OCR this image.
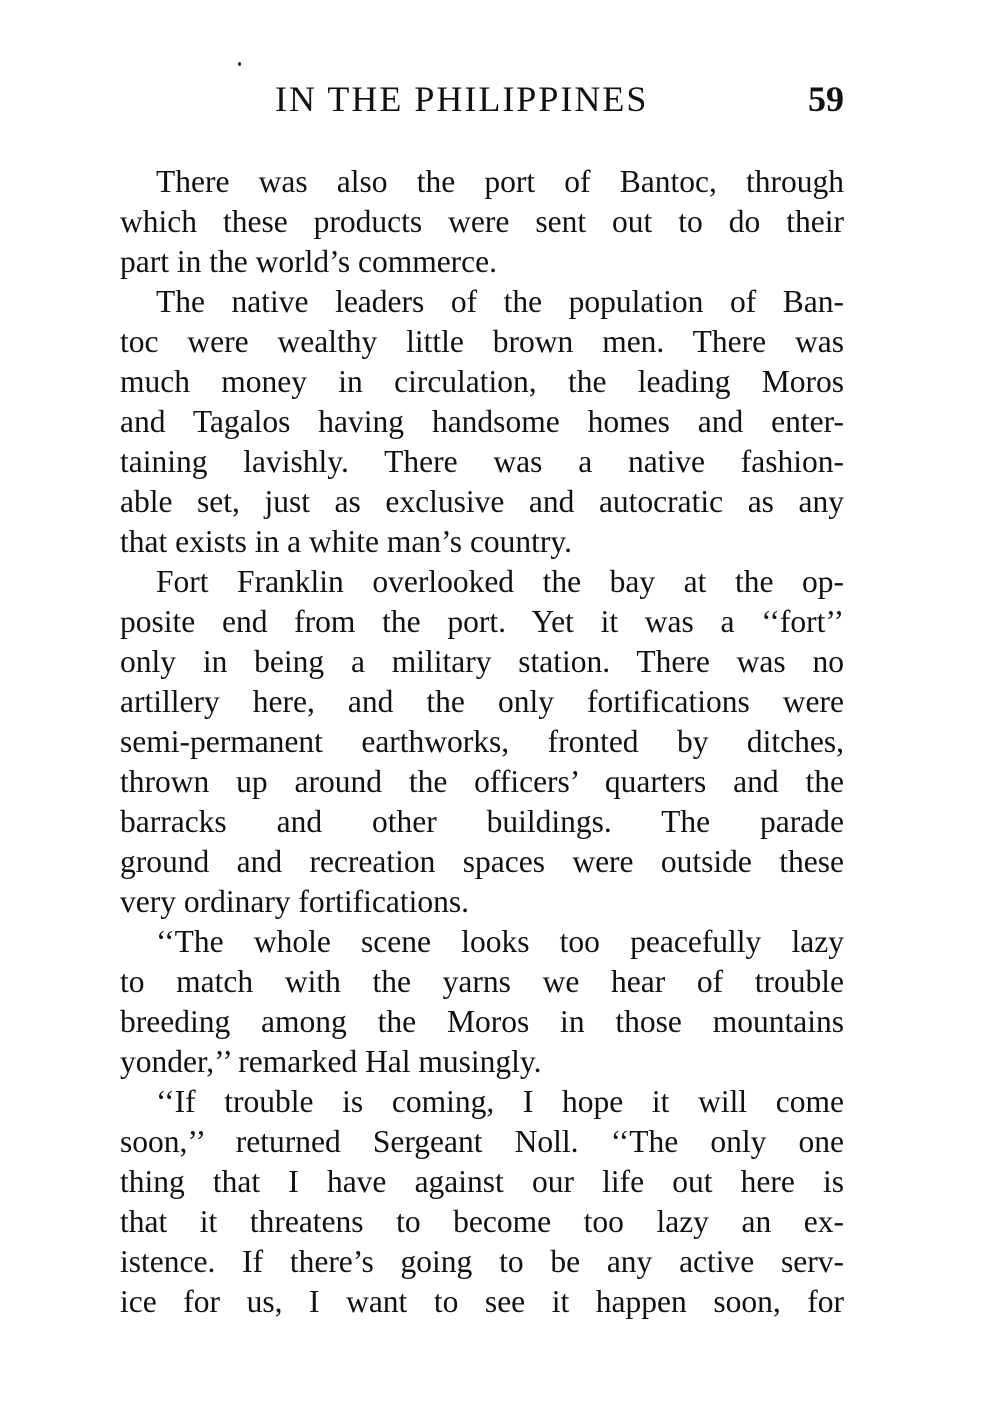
IN THE PHILIPPINES	59
There was also the port of Bantoc, through
which these products were sent out to do their
part in the world’s commerce.
The native leaders of the population of Ban-
toc were wealthy little brown men. There was
much money in circulation, the leading Moros
and Tagalos having handsome homes and enter-
taining lavishly. There was a native fashion-
able set, just as exclusive and autocratic as any
that exists in a white man’s country.
Fort Franklin overlooked the bay at the op-
posite end from the port. Yet it was a ‘‘fort’’
only in being a military station. There was no
artillery here, and the only fortifications were
semi-permanent earthworks, fronted by ditches,
thrown up around the officers’ quarters and the
barracks and other buildings. The parade
ground and recreation spaces were outside these
very ordinary fortifications.
‘‘The whole scene looks too peacefully lazy
to match with the yarns we hear of trouble
breeding among the Moros in those mountains
yonder,’’ remarked Hal musingly.
‘‘If trouble is coming, I hope it will come
soon,’’ returned Sergeant Noll. ‘‘The only one
thing that I have against our life out here is
that it threatens to become too lazy an ex-
istence. If there’s going to be any active serv-
ice for us, I want to see it happen soon, for
